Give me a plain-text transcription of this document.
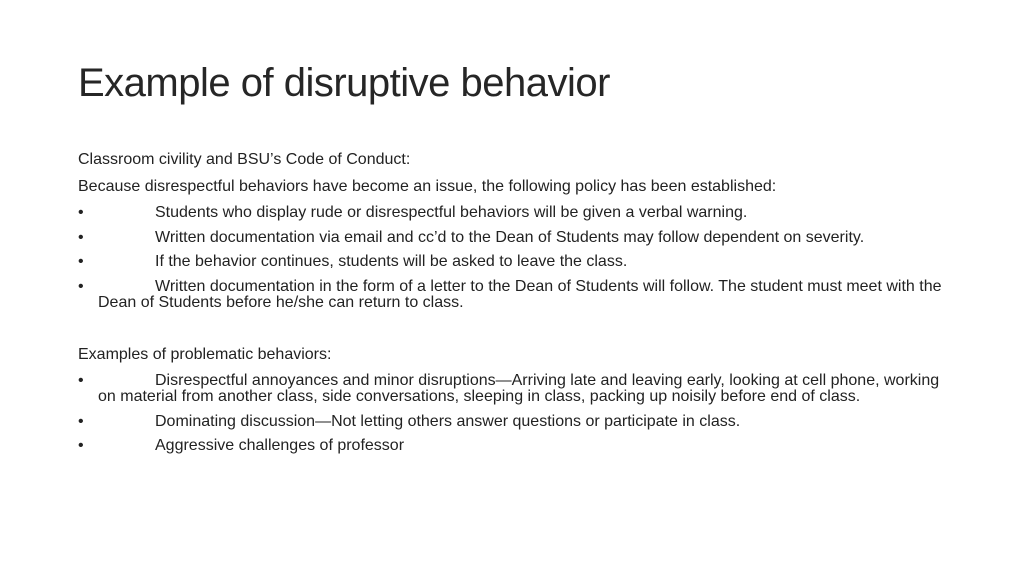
Example of disruptive behavior
Classroom civility and BSU’s Code of Conduct:
Because disrespectful behaviors have become an issue, the following policy has been established:
•	Students who display rude or disrespectful behaviors will be given a verbal warning.
•	Written documentation via email and cc’d to the Dean of Students may follow dependent on severity.
•	If the behavior continues, students will be asked to leave the class.
•	Written documentation in the form of a letter to the Dean of Students will follow. The student must meet with the Dean of Students before he/she can return to class.
Examples of problematic behaviors:
•	Disrespectful annoyances and minor disruptions—Arriving late and leaving early, looking at cell phone, working on material from another class, side conversations, sleeping in class, packing up noisily before end of class.
•	Dominating discussion—Not letting others answer questions or participate in class.
•	Aggressive challenges of professor
